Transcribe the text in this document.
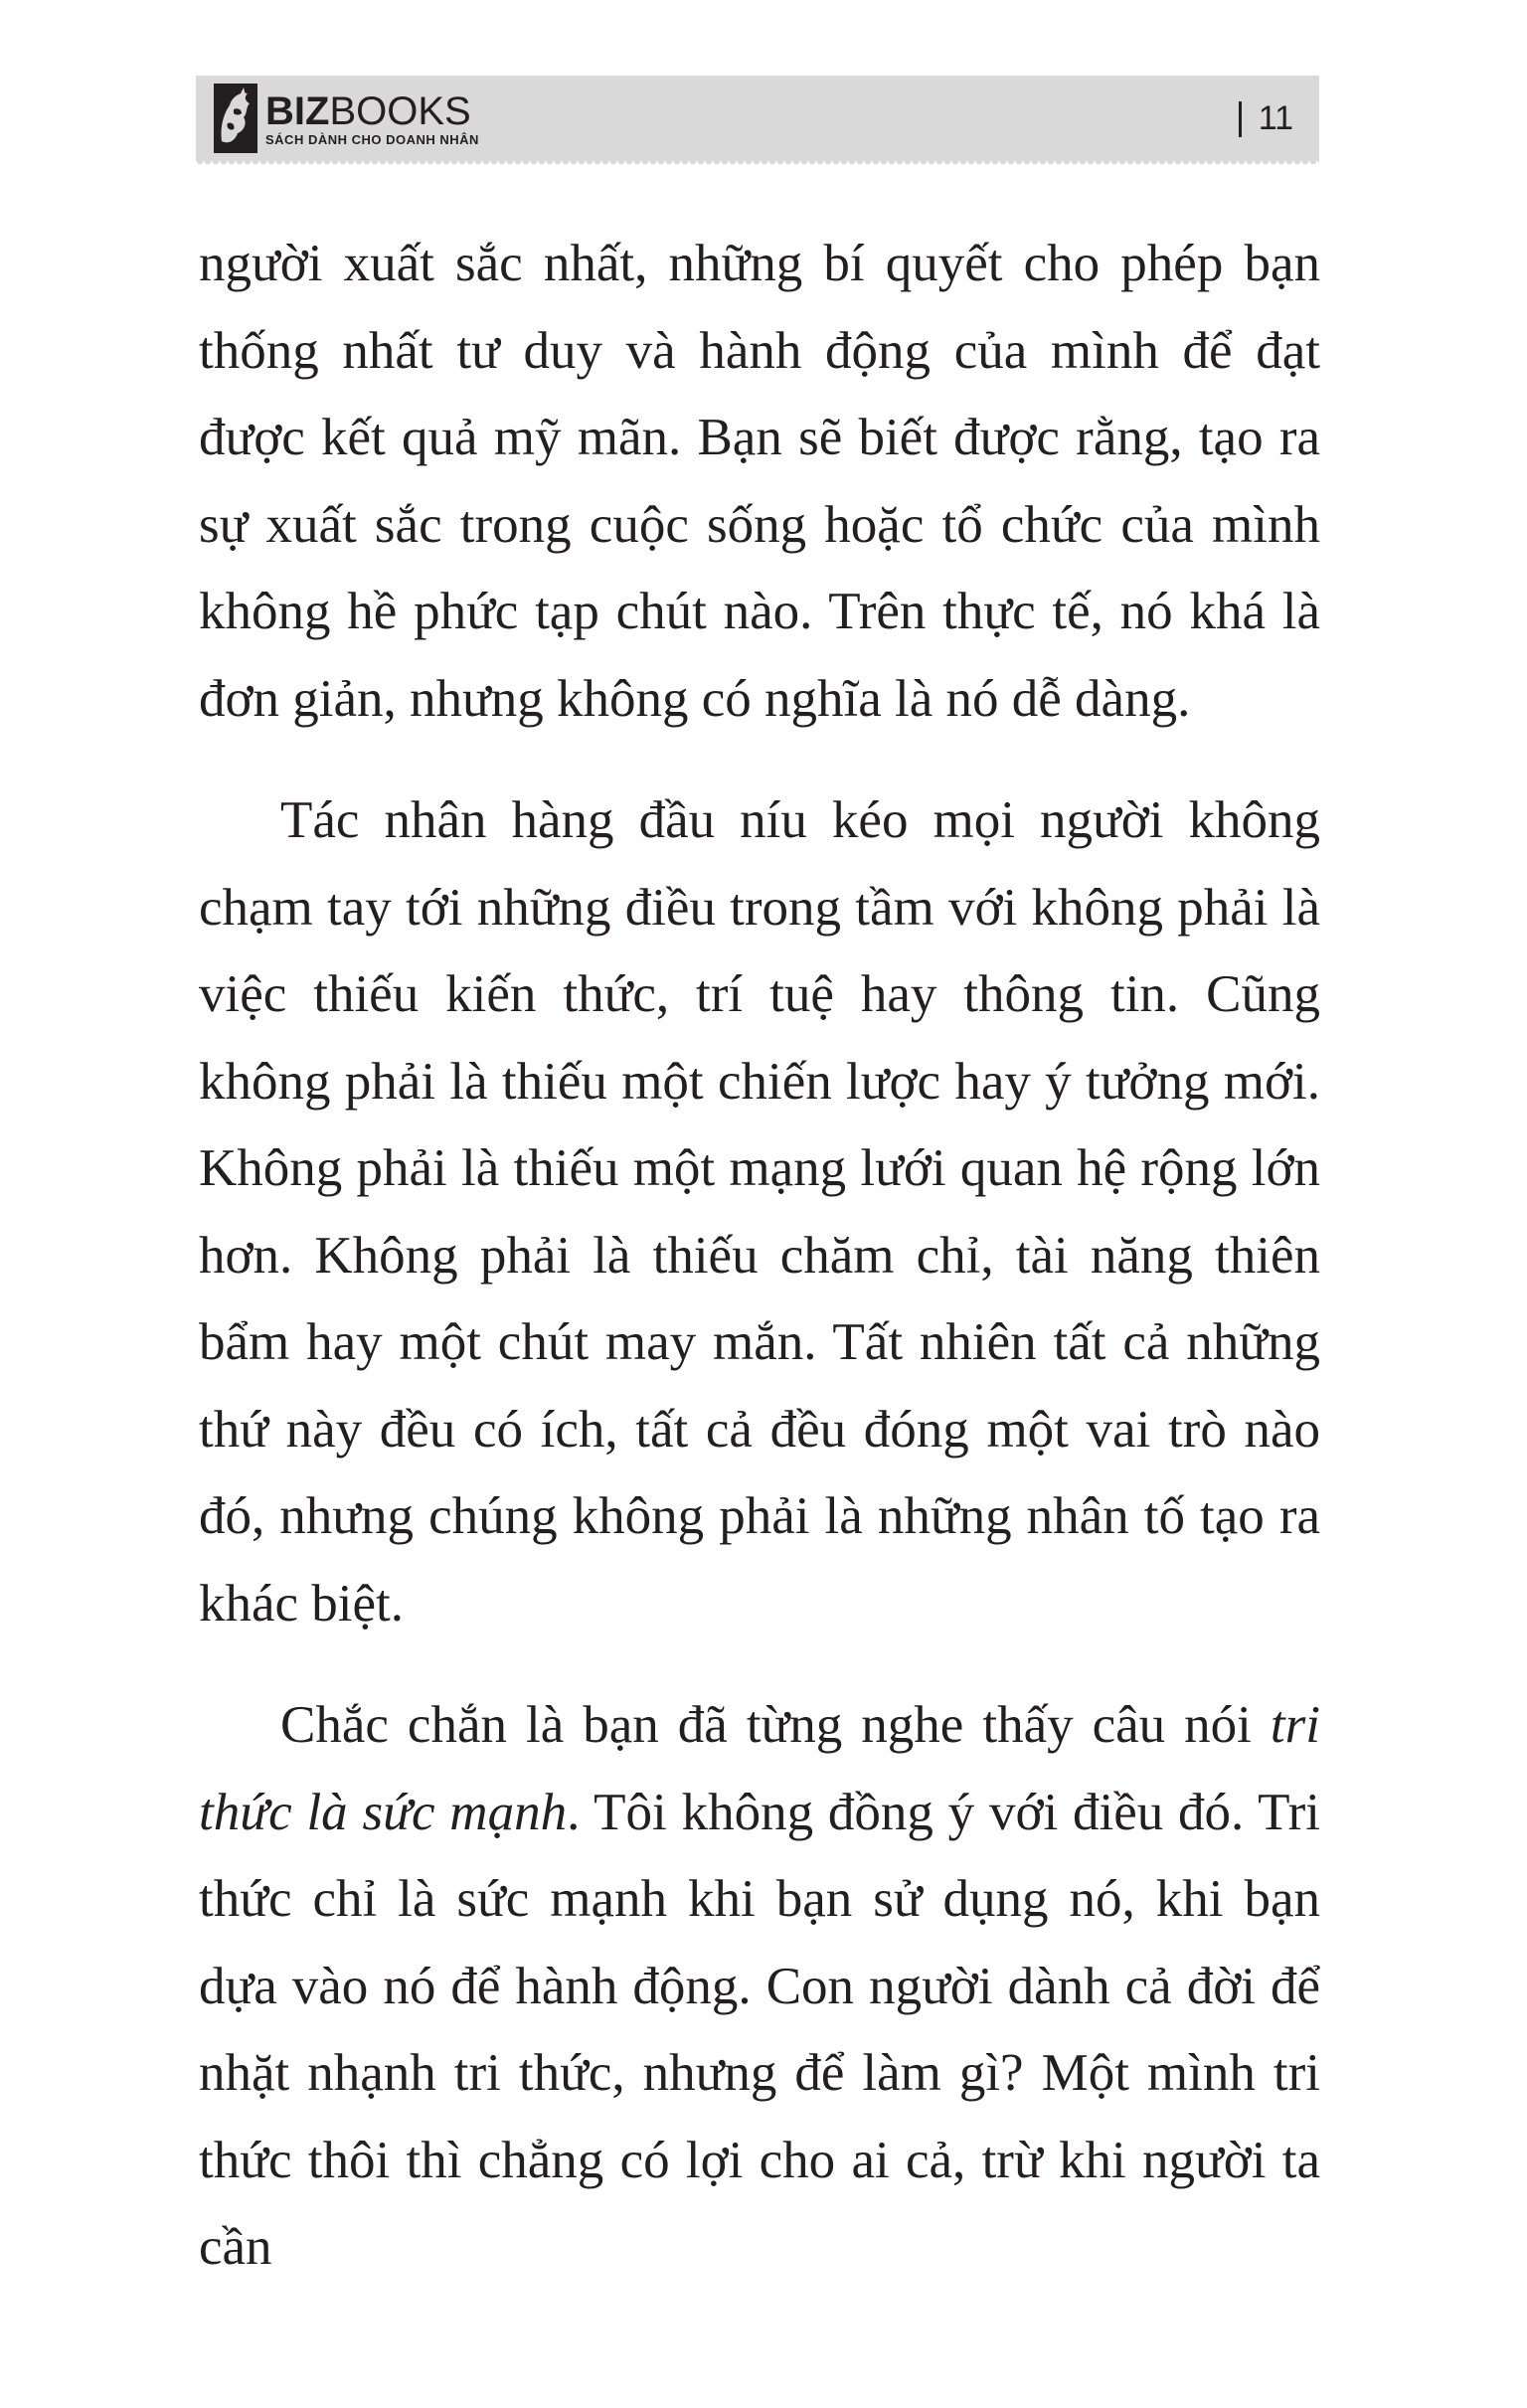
BIZBOOKS
SÁCH DÀNH CHO DOANH NHÂN
11

người xuất sắc nhất, những bí quyết cho phép bạn thống nhất tư duy và hành động của mình để đạt được kết quả mỹ mãn. Bạn sẽ biết được rằng, tạo ra sự xuất sắc trong cuộc sống hoặc tổ chức của mình không hề phức tạp chút nào. Trên thực tế, nó khá là đơn giản, nhưng không có nghĩa là nó dễ dàng.

Tác nhân hàng đầu níu kéo mọi người không chạm tay tới những điều trong tầm với không phải là việc thiếu kiến thức, trí tuệ hay thông tin. Cũng không phải là thiếu một chiến lược hay ý tưởng mới. Không phải là thiếu một mạng lưới quan hệ rộng lớn hơn. Không phải là thiếu chăm chỉ, tài năng thiên bẩm hay một chút may mắn. Tất nhiên tất cả những thứ này đều có ích, tất cả đều đóng một vai trò nào đó, nhưng chúng không phải là những nhân tố tạo ra khác biệt.

Chắc chắn là bạn đã từng nghe thấy câu nói tri thức là sức mạnh. Tôi không đồng ý với điều đó. Tri thức chỉ là sức mạnh khi bạn sử dụng nó, khi bạn dựa vào nó để hành động. Con người dành cả đời để nhặt nhạnh tri thức, nhưng để làm gì? Một mình tri thức thôi thì chẳng có lợi cho ai cả, trừ khi người ta cần
